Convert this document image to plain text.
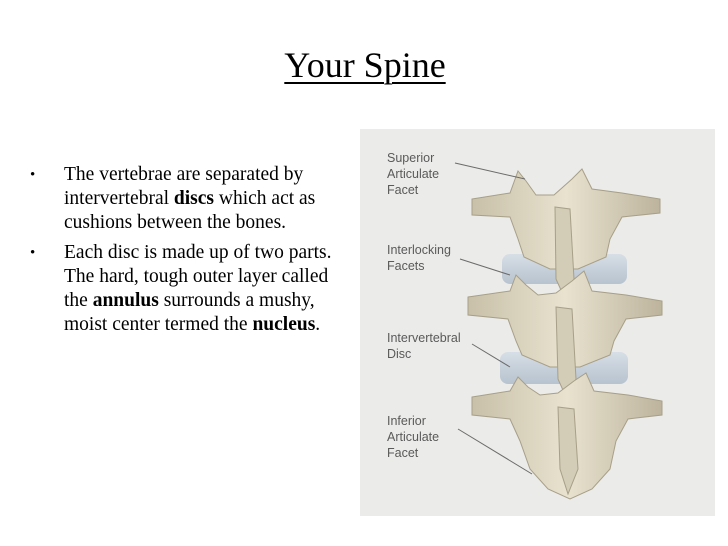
Your Spine
• The vertebrae are separated by intervertebral discs which act as cushions between the bones.
• Each disc is made up of two parts. The hard, tough outer layer called the annulus surrounds a mushy, moist center termed the nucleus.
Superior
Articulate
Facet
Interlocking
Facets
Intervertebral
Disc
Inferior
Articulate
Facet
